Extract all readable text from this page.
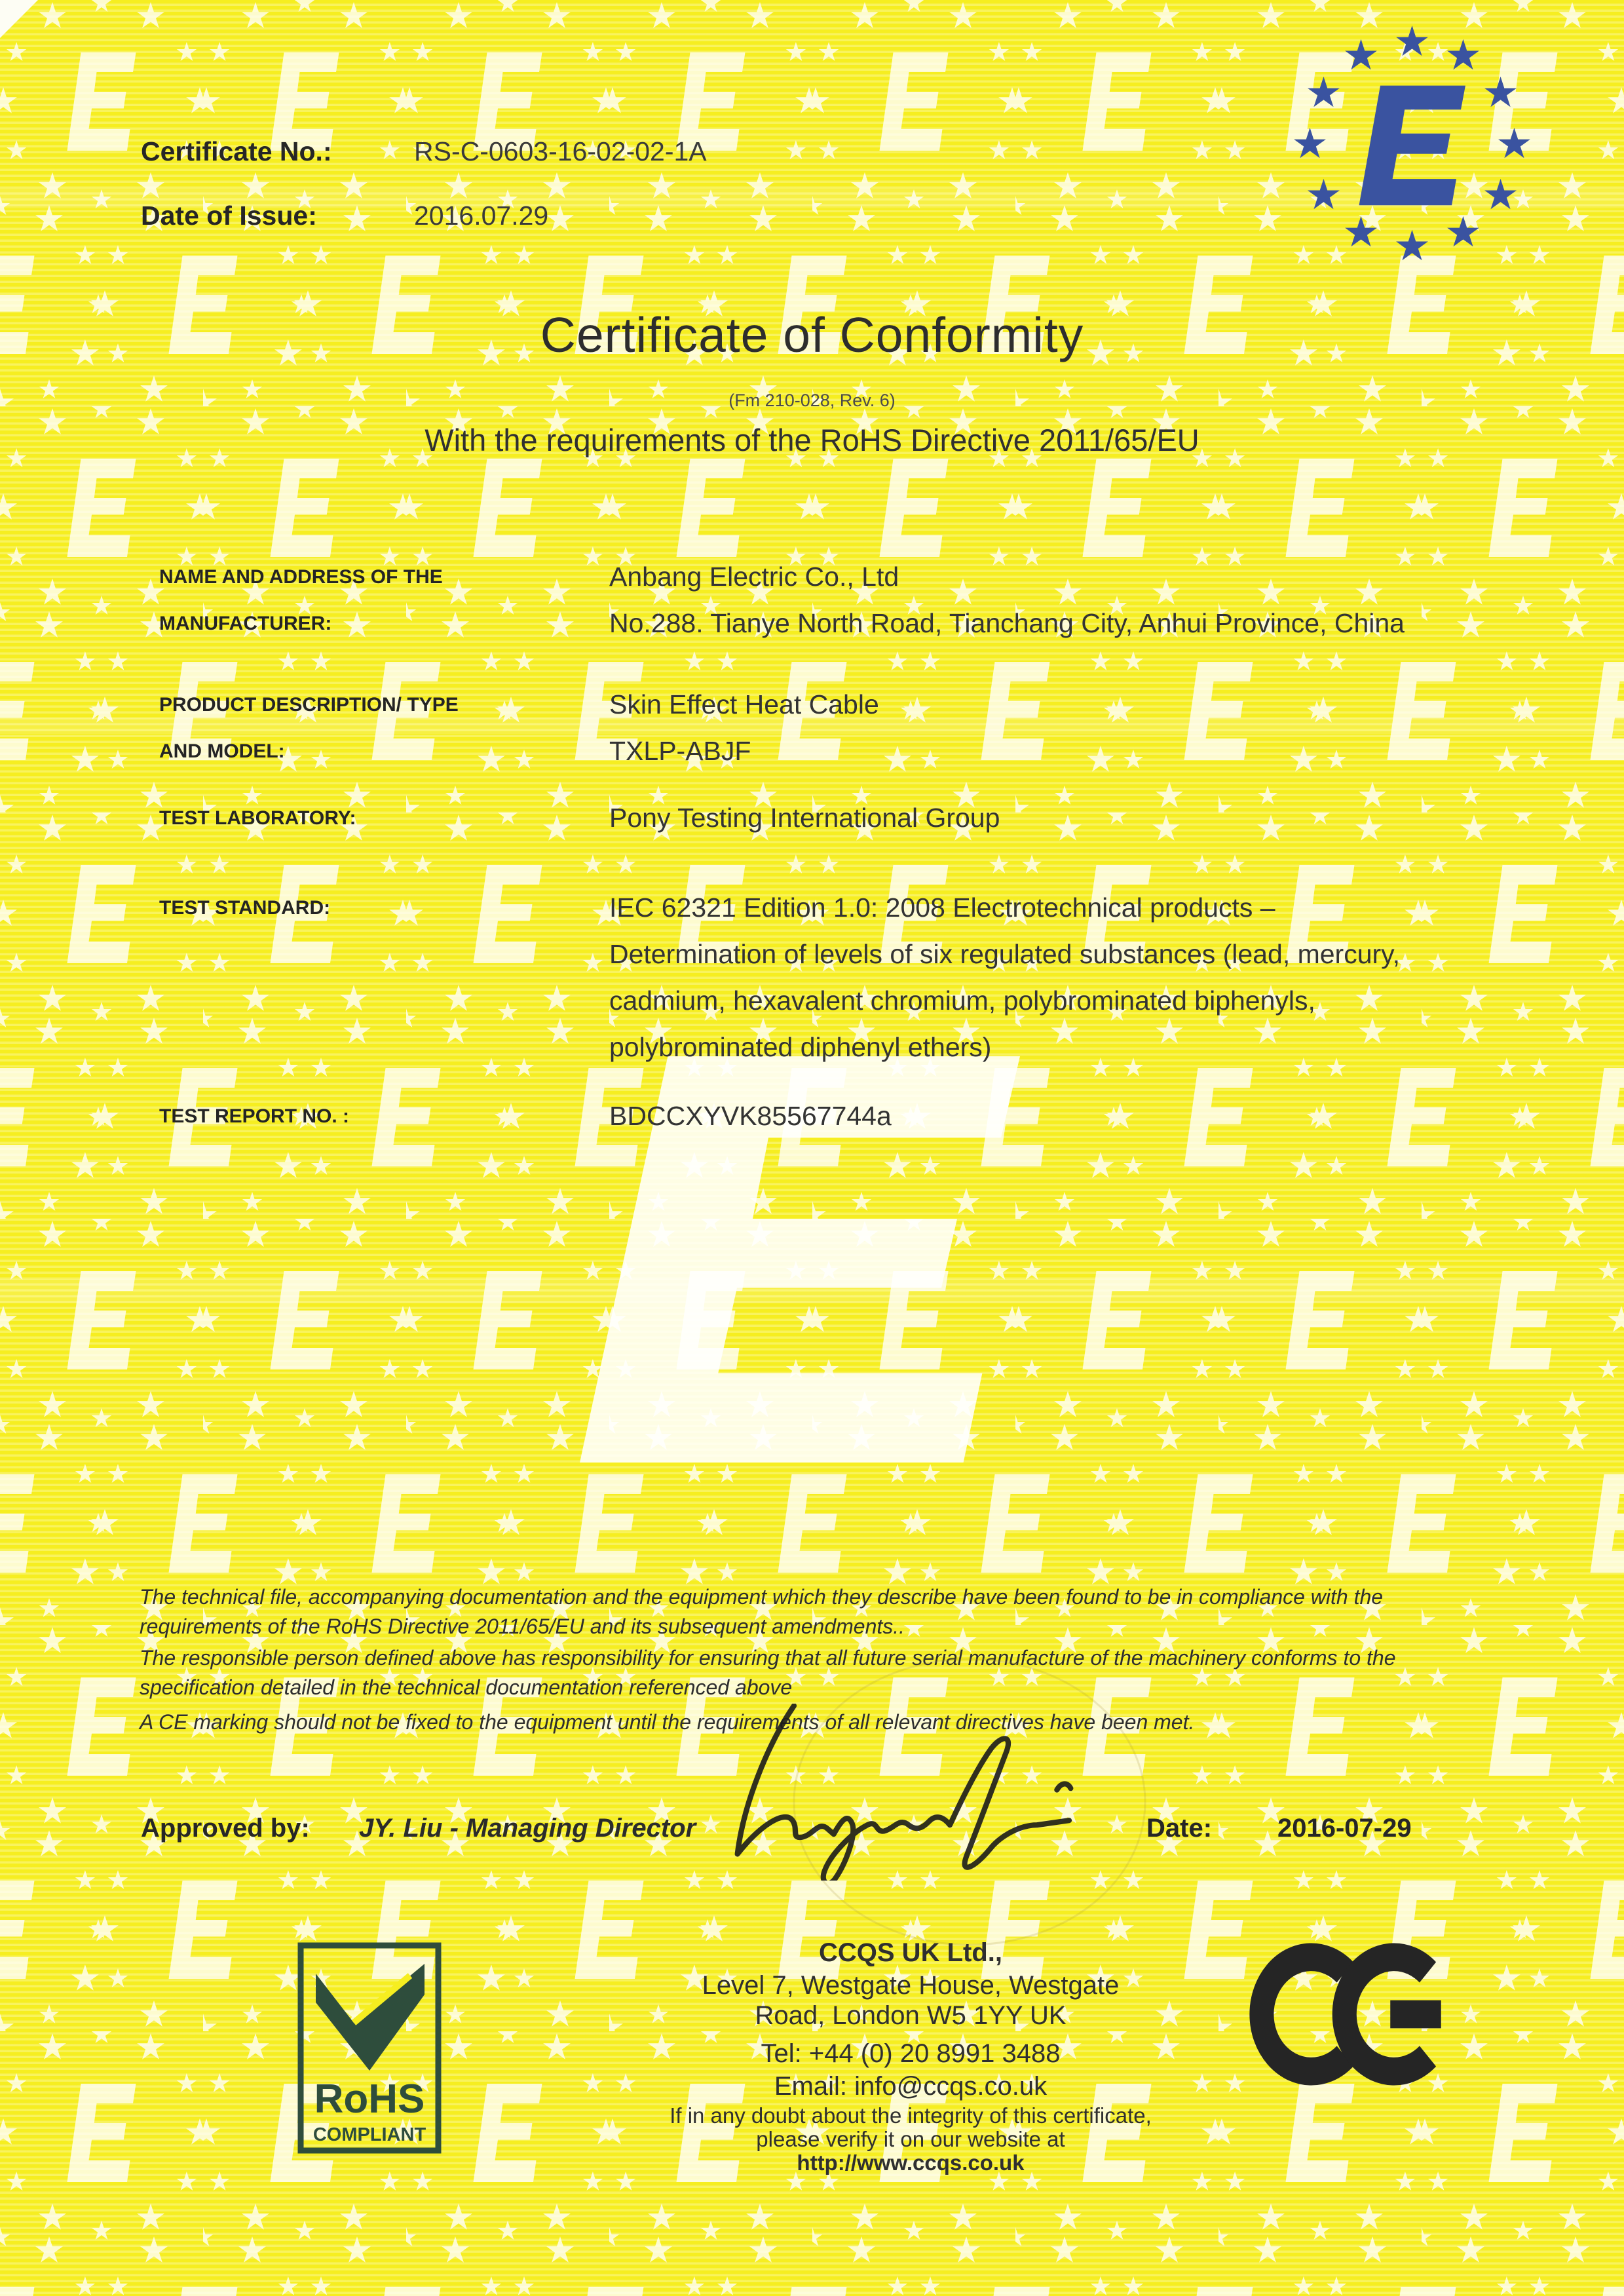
Certificate No.:	RS-C-0603-16-02-02-1A
Date of Issue:	2016.07.29
Certificate of Conformity
(Fm 210-028, Rev. 6)
With the requirements of the RoHS Directive 2011/65/EU
NAME AND ADDRESS OF THE
MANUFACTURER:
Anbang Electric Co., Ltd
No.288. Tianye North Road, Tianchang City, Anhui Province, China
PRODUCT DESCRIPTION/ TYPE
AND MODEL:
Skin Effect Heat Cable
TXLP-ABJF
TEST LABORATORY:	Pony Testing International Group
TEST STANDARD:	IEC 62321 Edition 1.0: 2008 Electrotechnical products –
Determination of levels of six regulated substances (lead, mercury,
cadmium, hexavalent chromium, polybrominated biphenyls,
polybrominated diphenyl ethers)
TEST REPORT NO. :	BDCCXYVK85567744a
The technical file, accompanying documentation and the equipment which they describe have been found to be in compliance with the requirements of the RoHS Directive 2011/65/EU and its subsequent amendments..
The responsible person defined above has responsibility for ensuring that all future serial manufacture of the machinery conforms to the specification detailed in the technical documentation referenced above
A CE marking should not be fixed to the equipment until the requirements of all relevant directives have been met.
Approved by: JY. Liu - Managing Director	Date: 2016-07-29
RoHS
COMPLIANT
CCQS UK Ltd.,
Level 7, Westgate House, Westgate
Road, London W5 1YY UK
Tel: +44 (0) 20 8991 3488
Email: info@ccqs.co.uk
If in any doubt about the integrity of this certificate,
please verify it on our website at
http://www.ccqs.co.uk
